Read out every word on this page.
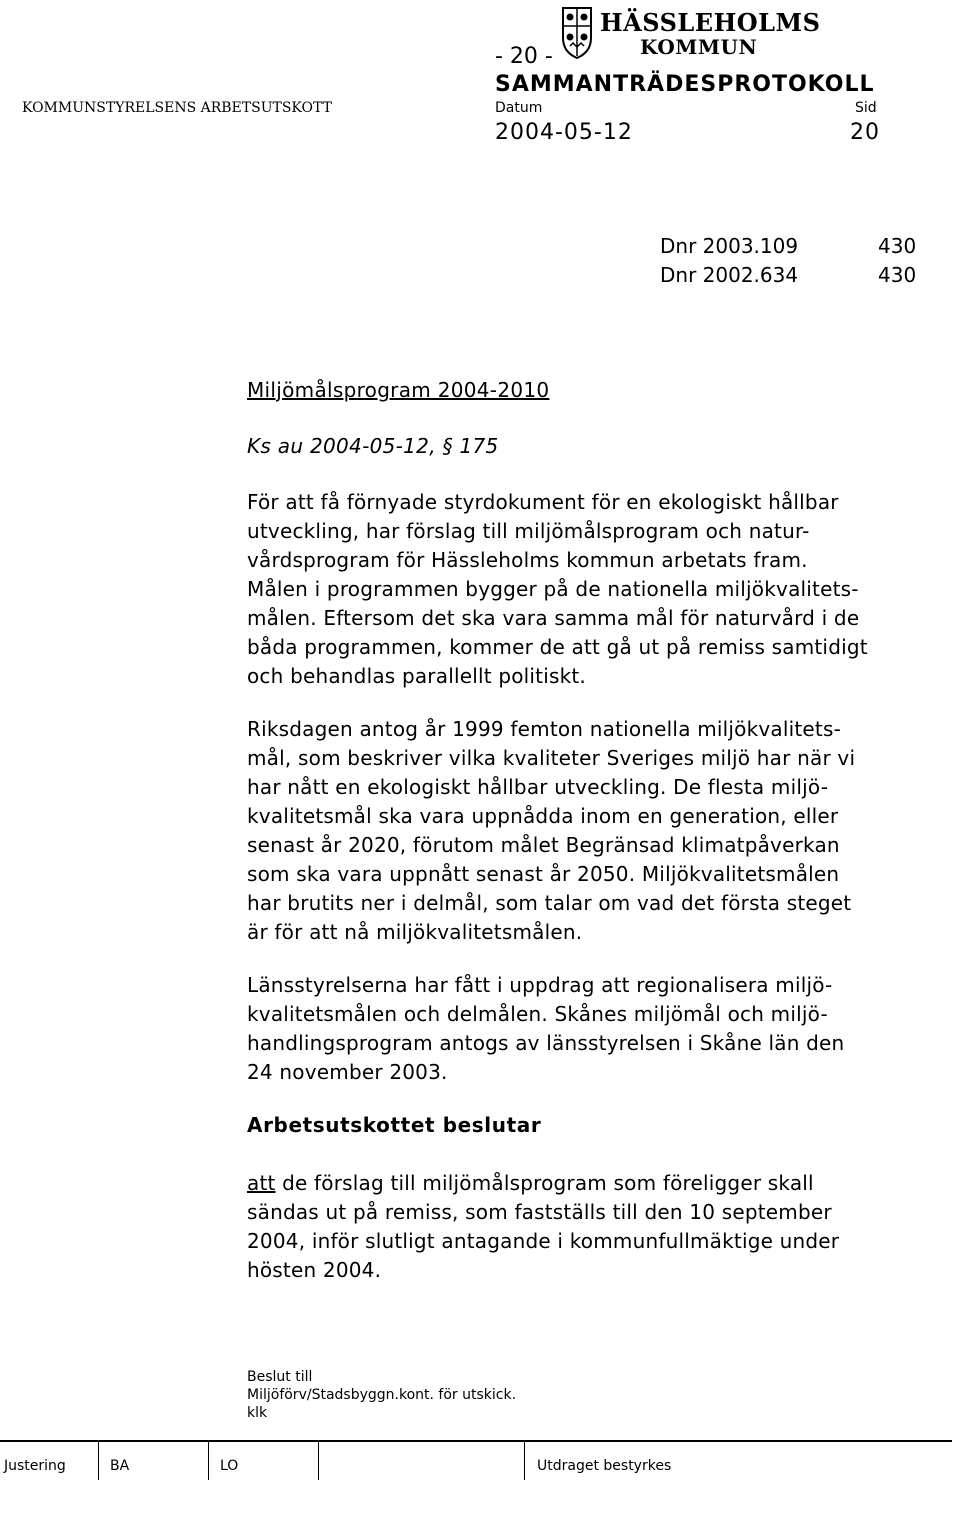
HÄSSLEHOLMS
KOMMUN
- 20 -
SAMMANTRÄDESPROTOKOLL
KOMMUNSTYRELSENS ARBETSUTSKOTT	Datum	Sid
2004-05-12	20
Dnr 2003.109	430
Dnr 2002.634	430
Miljömålsprogram 2004-2010
Ks au 2004-05-12, § 175
För att få förnyade styrdokument för en ekologiskt hållbar
utveckling, har förslag till miljömålsprogram och natur-
vårdsprogram för Hässleholms kommun arbetats fram.
Målen i programmen bygger på de nationella miljökvalitets-
målen. Eftersom det ska vara samma mål för naturvård i de
båda programmen, kommer de att gå ut på remiss samtidigt
och behandlas parallellt politiskt.
Riksdagen antog år 1999 femton nationella miljökvalitets-
mål, som beskriver vilka kvaliteter Sveriges miljö har när vi
har nått en ekologiskt hållbar utveckling. De flesta miljö-
kvalitetsmål ska vara uppnådda inom en generation, eller
senast år 2020, förutom målet Begränsad klimatpåverkan
som ska vara uppnått senast år 2050. Miljökvalitetsmålen
har brutits ner i delmål, som talar om vad det första steget
är för att nå miljökvalitetsmålen.
Länsstyrelserna har fått i uppdrag att regionalisera miljö-
kvalitetsmålen och delmålen. Skånes miljömål och miljö-
handlingsprogram antogs av länsstyrelsen i Skåne län den
24 november 2003.
Arbetsutskottet beslutar
att de förslag till miljömålsprogram som föreligger skall
sändas ut på remiss, som fastställs till den 10 september
2004, inför slutligt antagande i kommunfullmäktige under
hösten 2004.
Beslut till
Miljöförv/Stadsbyggn.kont. för utskick.
klk
Justering	BA	LO	Utdraget bestyrkes
